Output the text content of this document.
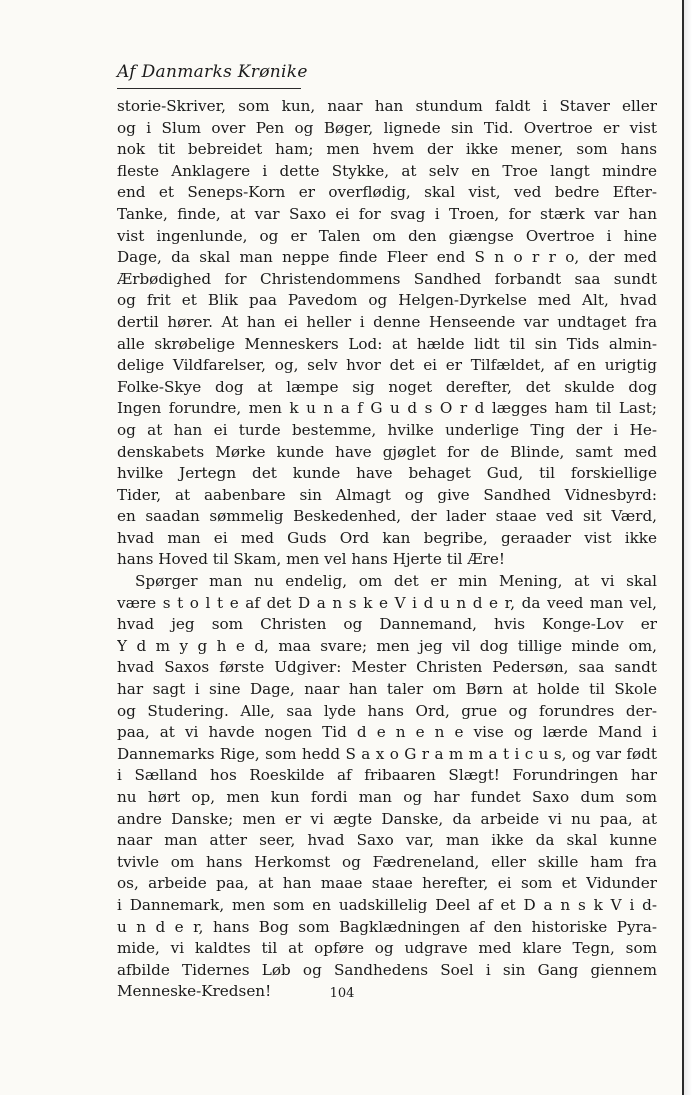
Af Danmarks Krønike
storie-Skriver, som kun, naar han stundum faldt i Staver eller
og i Slum over Pen og Bøger, lignede sin Tid. Overtroe er vist
nok tit bebreidet ham; men hvem der ikke mener, som hans
fleste Anklagere i dette Stykke, at selv en Troe langt mindre
end et Seneps-Korn er overflødig, skal vist, ved bedre Efter-
Tanke, finde, at var Saxo ei for svag i Troen, for stærk var han
vist ingenlunde, og er Talen om den giængse Overtroe i hine
Dage, da skal man neppe finde Fleer end S n o r r o, der med
Ærbødighed for Christendommens Sandhed forbandt saa sundt
og frit et Blik paa Pavedom og Helgen-Dyrkelse med Alt, hvad
dertil hører. At han ei heller i denne Henseende var undtaget fra
alle skrøbelige Menneskers Lod: at hælde lidt til sin Tids almin-
delige Vildfarelser, og, selv hvor det ei er Tilfældet, af en urigtig
Folke-Skye dog at læmpe sig noget derefter, det skulde dog
Ingen forundre, men k u n a f G u d s O r d lægges ham til Last;
og at han ei turde bestemme, hvilke underlige Ting der i He-
denskabets Mørke kunde have gjøglet for de Blinde, samt med
hvilke Jertegn det kunde have behaget Gud, til forskiellige
Tider, at aabenbare sin Almagt og give Sandhed Vidnesbyrd:
en saadan sømmelig Beskedenhed, der lader staae ved sit Værd,
hvad man ei med Guds Ord kan begribe, geraader vist ikke
hans Hoved til Skam, men vel hans Hjerte til Ære!
Spørger man nu endelig, om det er min Mening, at vi skal
være s t o l t e af det D a n s k e V i d u n d e r, da veed man vel,
hvad jeg som Christen og Dannemand, hvis Konge-Lov er
Y d m y g h e d, maa svare; men jeg vil dog tillige minde om,
hvad Saxos første Udgiver: Mester Christen Pedersøn, saa sandt
har sagt i sine Dage, naar han taler om Børn at holde til Skole
og Studering. Alle, saa lyde hans Ord, grue og forundres der-
paa, at vi havde nogen Tid d e n e n e vise og lærde Mand i
Dannemarks Rige, som hedd S a x o G r a m m a t i c u s, og var født
i Sælland hos Roeskilde af fribaaren Slægt! Forundringen har
nu hørt op, men kun fordi man og har fundet Saxo dum som
andre Danske; men er vi ægte Danske, da arbeide vi nu paa, at
naar man atter seer, hvad Saxo var, man ikke da skal kunne
tvivle om hans Herkomst og Fædreneland, eller skille ham fra
os, arbeide paa, at han maae staae herefter, ei som et Vidunder
i Dannemark, men som en uadskillelig Deel af et D a n s k V i d-
u n d e r, hans Bog som Bagklædningen af den historiske Pyra-
mide, vi kaldtes til at opføre og udgrave med klare Tegn, som
afbilde Tidernes Løb og Sandhedens Soel i sin Gang giennem
Menneske-Kredsen!	104
